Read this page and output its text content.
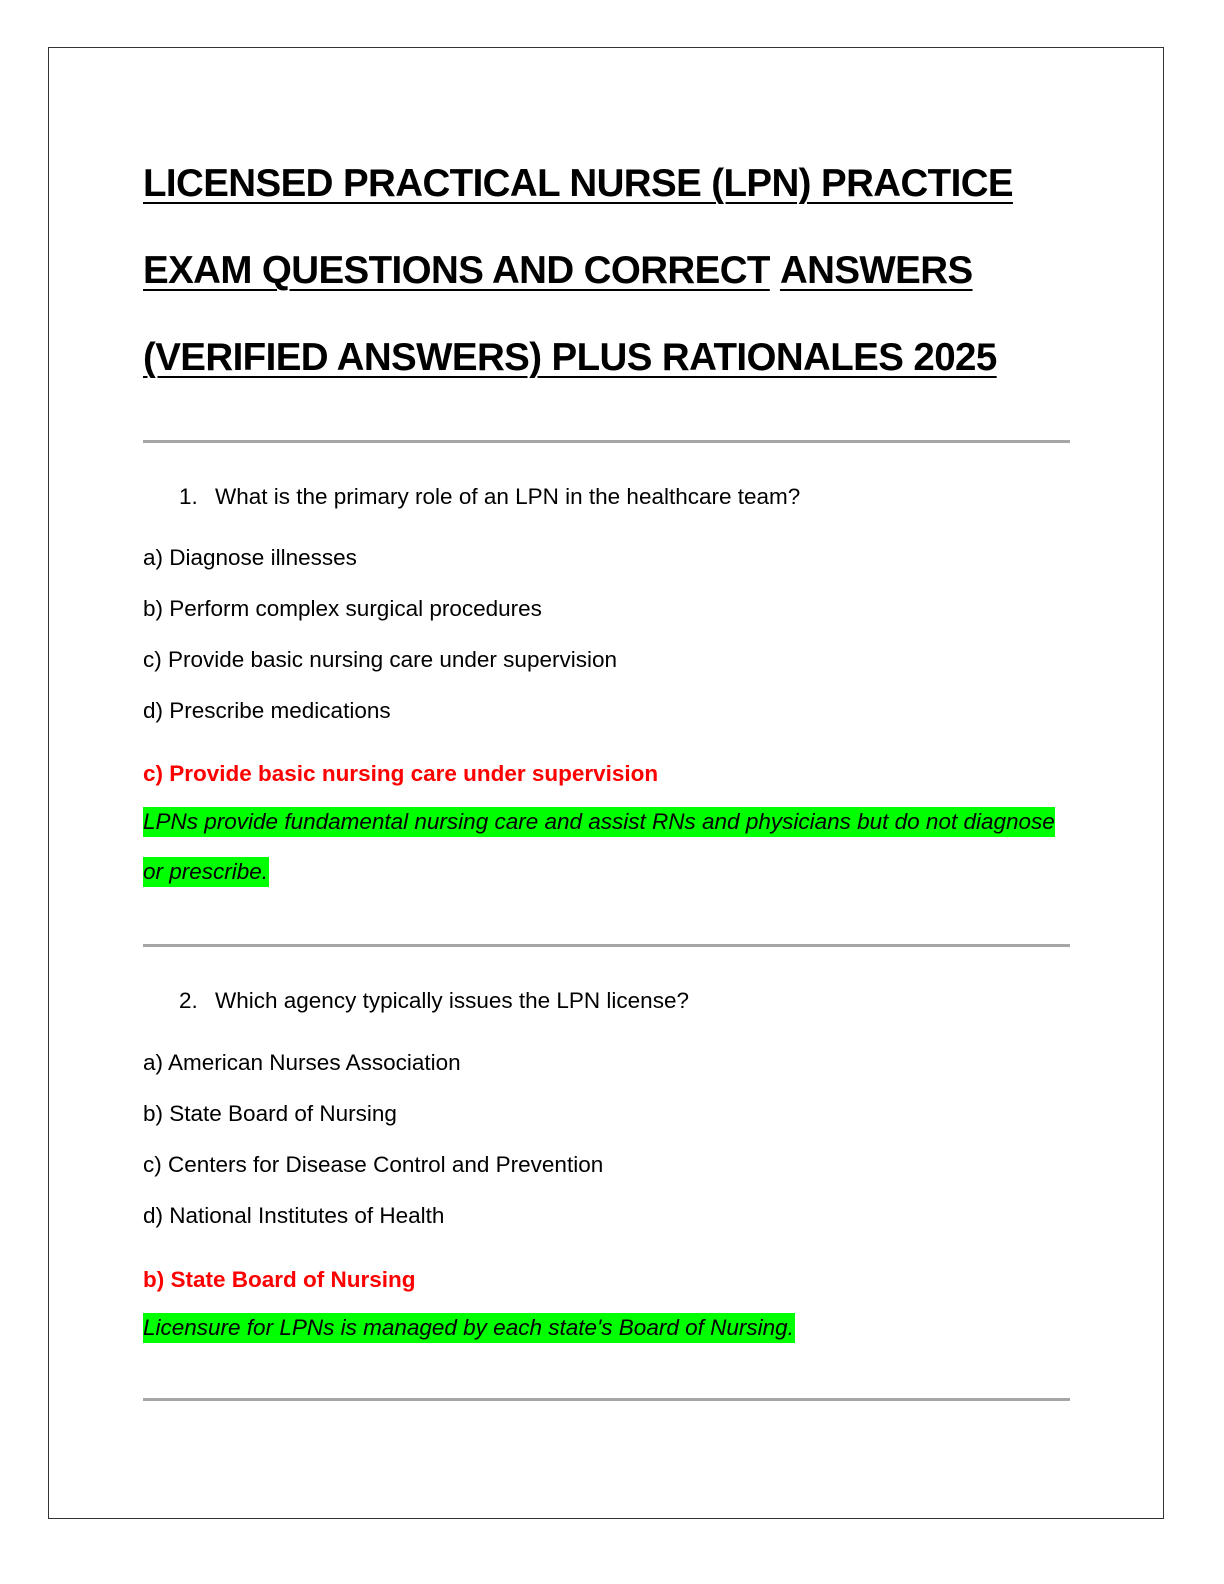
LICENSED PRACTICAL NURSE (LPN) PRACTICE
EXAM QUESTIONS AND CORRECT ANSWERS
(VERIFIED ANSWERS) PLUS RATIONALES 2025
1. What is the primary role of an LPN in the healthcare team?
a) Diagnose illnesses
b) Perform complex surgical procedures
c) Provide basic nursing care under supervision
d) Prescribe medications
c) Provide basic nursing care under supervision
LPNs provide fundamental nursing care and assist RNs and physicians but do not diagnose or prescribe.
2. Which agency typically issues the LPN license?
a) American Nurses Association
b) State Board of Nursing
c) Centers for Disease Control and Prevention
d) National Institutes of Health
b) State Board of Nursing
Licensure for LPNs is managed by each state's Board of Nursing.
